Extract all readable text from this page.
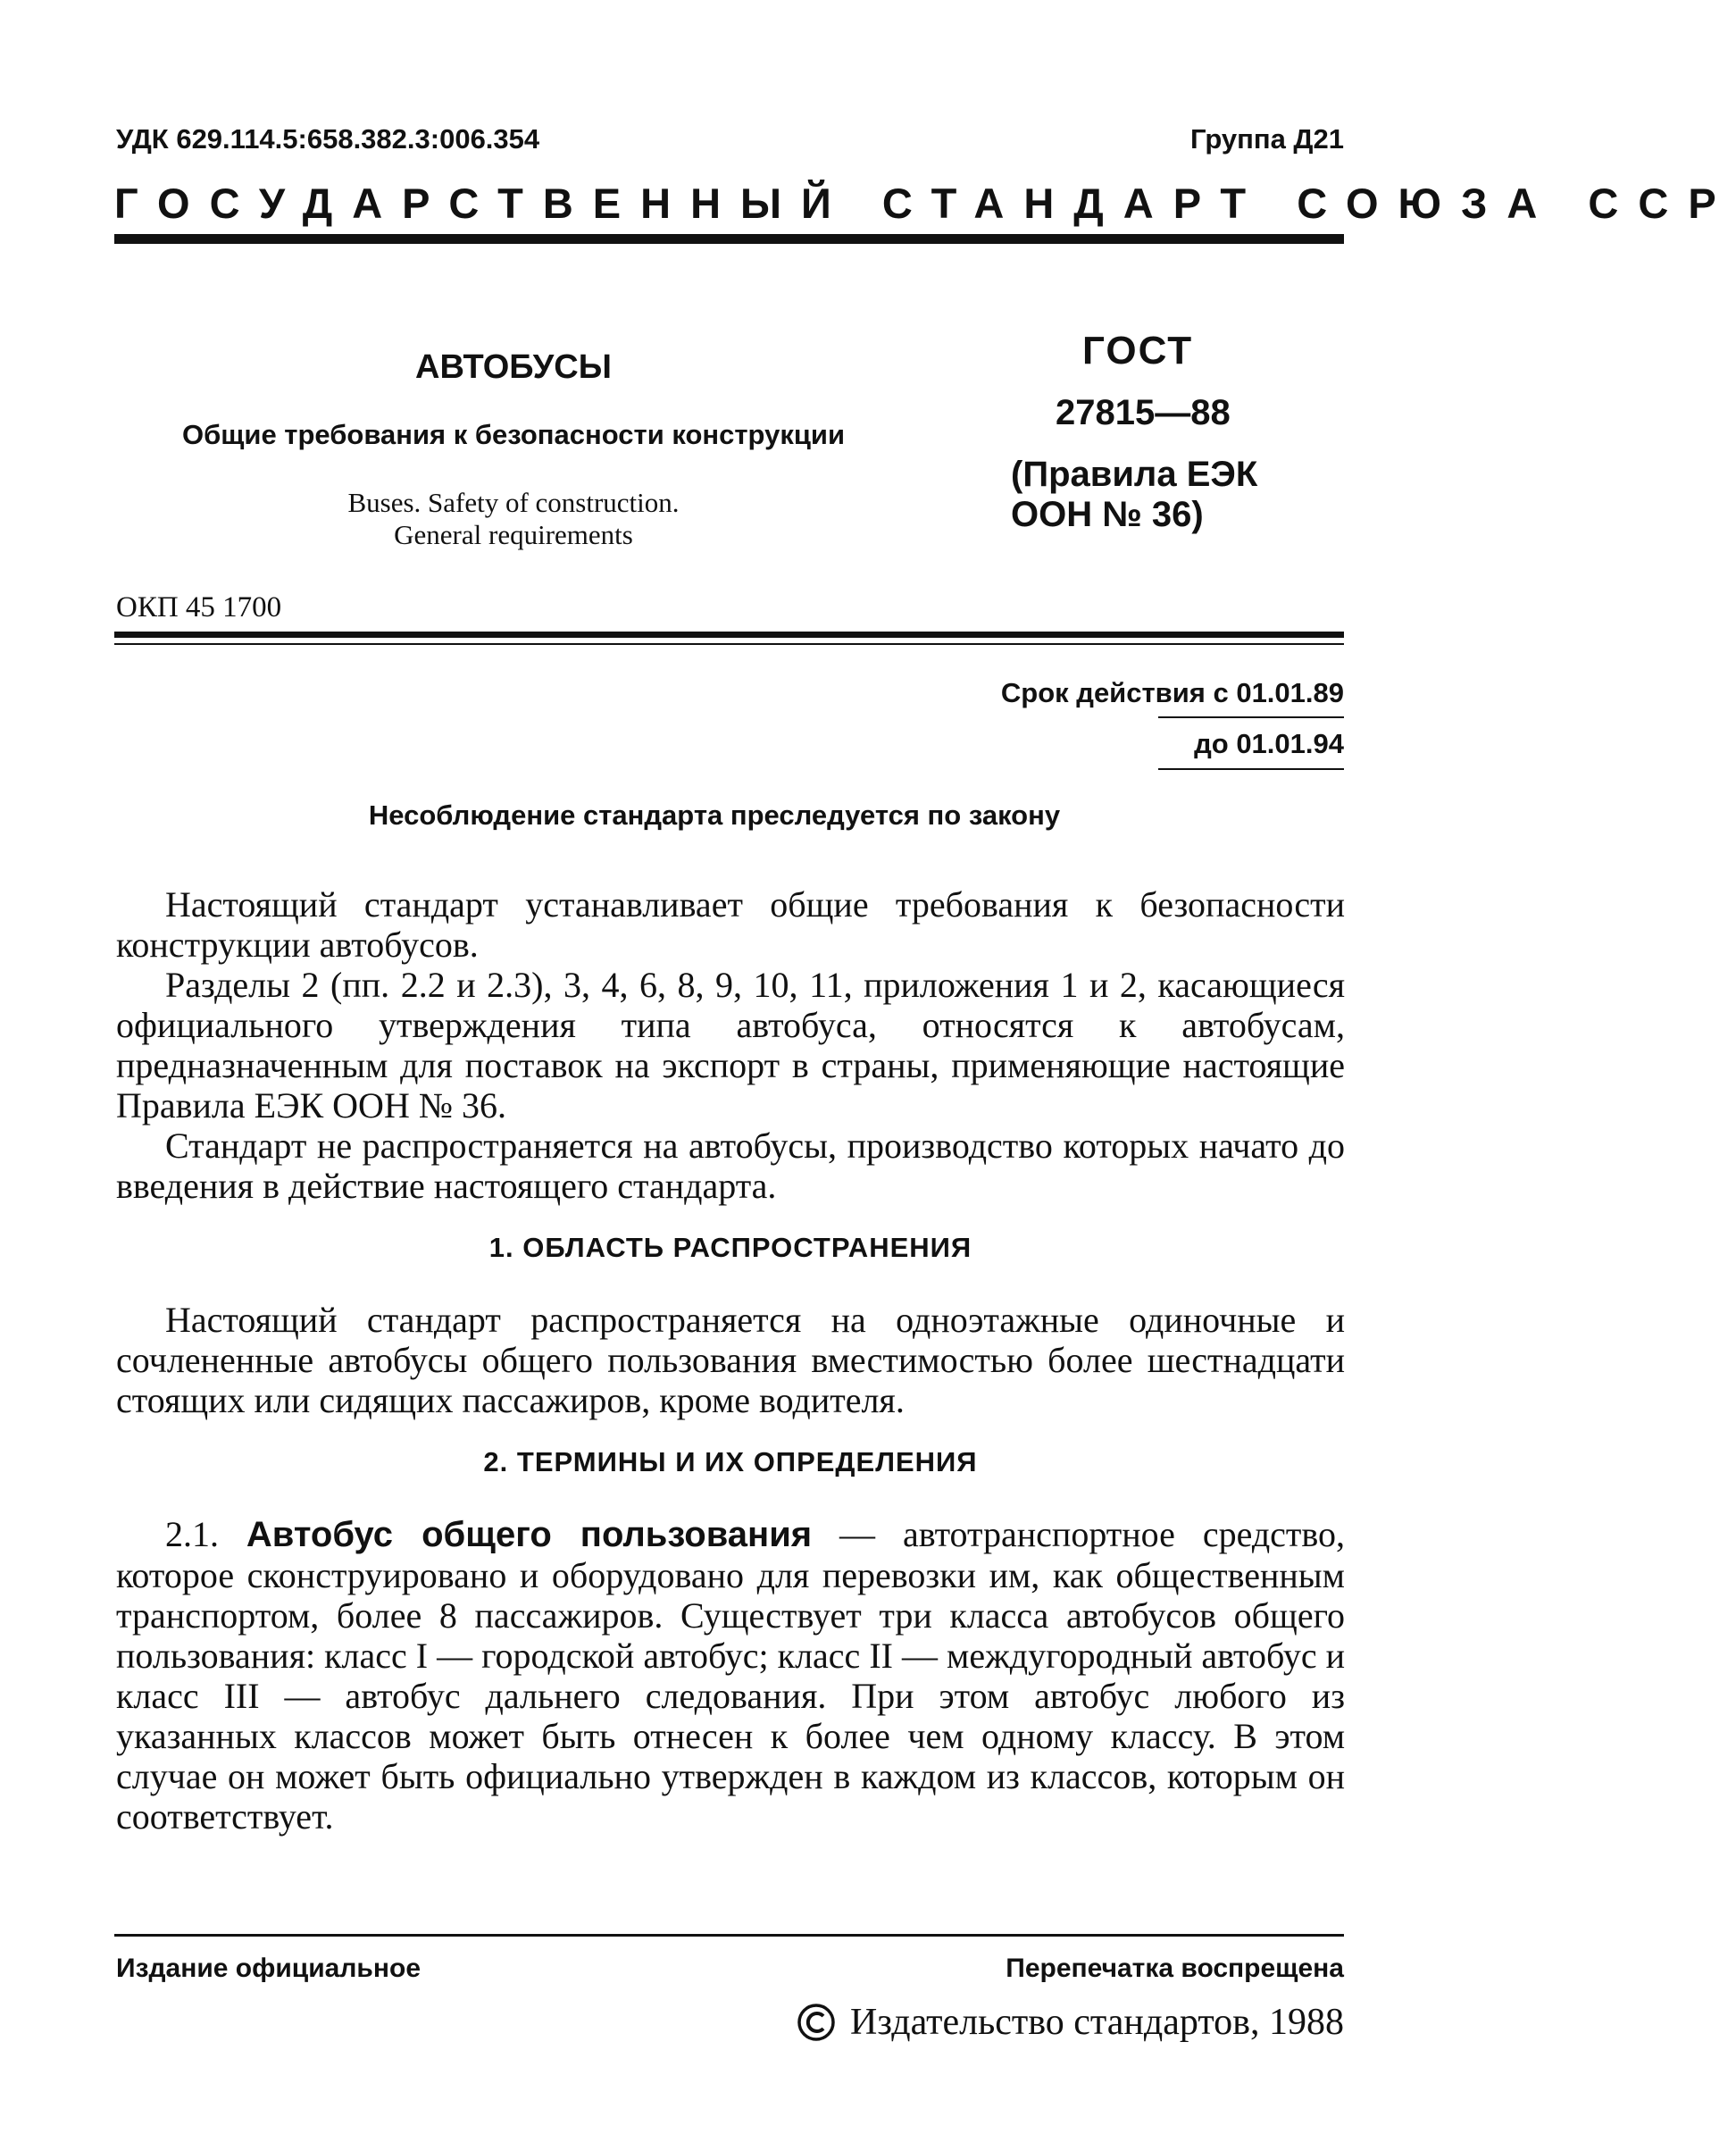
УДК 629.114.5:658.382.3:006.354	Группа Д21
ГОСУДАРСТВЕННЫЙ СТАНДАРТ СОЮЗА ССР
АВТОБУСЫ
Общие требования к безопасности конструкции
Buses. Safety of construction.
General requirements
ГОСТ
27815—88
(Правила ЕЭК
ООН № 36)
ОКП 45 1700
Срок действия с 01.01.89
до 01.01.94
Несоблюдение стандарта преследуется по закону

Настоящий стандарт устанавливает общие требования к безопасности конструкции автобусов.

Разделы 2 (пп. 2.2 и 2.3), 3, 4, 6, 8, 9, 10, 11, приложения 1 и 2, касающиеся официального утверждения типа автобуса, относятся к автобусам, предназначенным для поставок на экспорт в страны, применяющие настоящие Правила ЕЭК ООН № 36.

Стандарт не распространяется на автобусы, производство которых начато до введения в действие настоящего стандарта.

1. ОБЛАСТЬ РАСПРОСТРАНЕНИЯ

Настоящий стандарт распространяется на одноэтажные одиночные и сочлененные автобусы общего пользования вместимостью более шестнадцати стоящих или сидящих пассажиров, кроме водителя.

2. ТЕРМИНЫ И ИХ ОПРЕДЕЛЕНИЯ

2.1. Автобус общего пользования — автотранспортное средство, которое сконструировано и оборудовано для перевозки им, как общественным транспортом, более 8 пассажиров. Существует три класса автобусов общего пользования: класс I — городской автобус; класс II — междугородный автобус и класс III — автобус дальнего следования. При этом автобус любого из указанных классов может быть отнесен к более чем одному классу. В этом случае он может быть официально утвержден в каждом из классов, которым он соответствует.

Издание официальное	Перепечатка воспрещена
Издательство стандартов, 1988
